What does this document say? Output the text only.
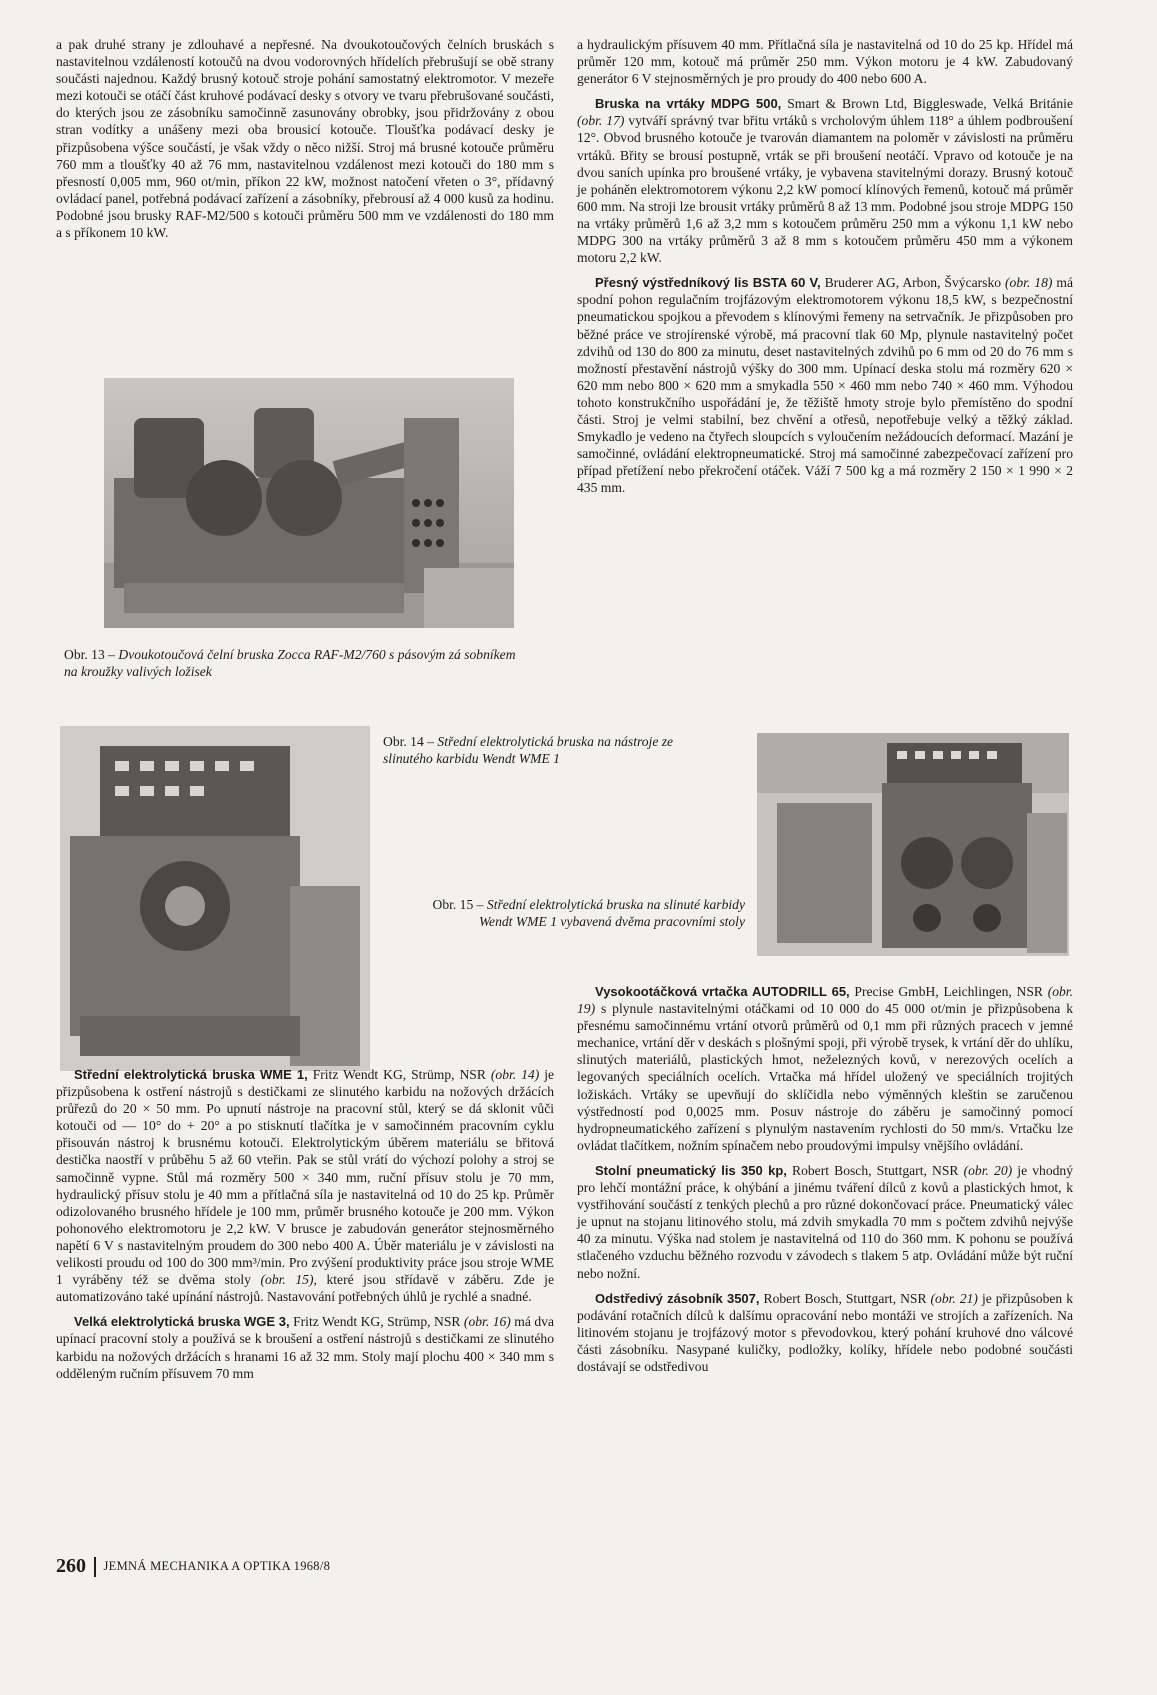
a pak druhé strany je zdlouhavé a nepřesné. Na dvoukotoučových čelních bruskách s nastavitelnou vzdáleností kotoučů na dvou vodorovných hřídelích přebrušují se obě strany součásti najednou. Každý brusný kotouč stroje pohání samostatný elektromotor. V mezeře mezi kotouči se otáčí část kruhové podávací desky s otvory ve tvaru přebrušované součásti, do kterých jsou ze zásobníku samočinně zasunovány obrobky, jsou přidržovány z obou stran vodítky a unášeny mezi oba brousicí kotouče. Tloušťka podávací desky je přizpůsobena výšce součástí, je však vždy o něco nižší. Stroj má brusné kotouče průměru 760 mm a tloušťky 40 až 76 mm, nastavitelnou vzdálenost mezi kotouči do 180 mm s přesností 0,005 mm, 960 ot/min, příkon 22 kW, možnost natočení vřeten o 3°, přídavný ovládací panel, potřebná podávací zařízení a zásobníky, přebrousí až 4 000 kusů za hodinu. Podobné jsou brusky RAF-M2/500 s kotouči průměru 500 mm ve vzdálenosti do 180 mm a s příkonem 10 kW.

Obr. 13 – Dvoukotoučová čelní bruska Zocca RAF-M2/760 s pásovým zá sobníkem na kroužky valivých ložisek

a hydraulickým přísuvem 40 mm. Přítlačná síla je nastavitelná od 10 do 25 kp. Hřídel má průměr 120 mm, kotouč má průměr 250 mm. Výkon motoru je 4 kW. Zabudovaný generátor 6 V stejnosměrných je pro proudy do 400 nebo 600 A.

Bruska na vrtáky MDPG 500, Smart & Brown Ltd, Biggleswade, Velká Británie (obr. 17) vytváří správný tvar břitu vrtáků s vrcholovým úhlem 118° a úhlem podbroušení 12°. Obvod brusného kotouče je tvarován diamantem na poloměr v závislosti na průměru vrtáků. Břity se brousí postupně, vrták se při broušení neotáčí. Vpravo od kotouče je na dvou saních upínka pro broušené vrtáky, je vybavena stavitelnými dorazy. Brusný kotouč je poháněn elektromotorem výkonu 2,2 kW pomocí klínových řemenů, kotouč má průměr 600 mm. Na stroji lze brousit vrtáky průměrů 8 až 13 mm. Podobné jsou stroje MDPG 150 na vrtáky průměrů 1,6 až 3,2 mm s kotoučem průměru 250 mm a výkonu 1,1 kW nebo MDPG 300 na vrtáky průměrů 3 až 8 mm s kotoučem průměru 450 mm a výkonem motoru 2,2 kW.

Přesný výstředníkový lis BSTA 60 V, Bruderer AG, Arbon, Švýcarsko (obr. 18) má spodní pohon regulačním trojfázovým elektromotorem výkonu 18,5 kW, s bezpečnostní pneumatickou spojkou a převodem s klínovými řemeny na setrvačník. Je přizpůsoben pro běžné práce ve strojírenské výrobě, má pracovní tlak 60 Mp, plynule nastavitelný počet zdvihů od 130 do 800 za minutu, deset nastavitelných zdvihů po 6 mm od 20 do 76 mm s možností přestavění nástrojů výšky do 300 mm. Upínací deska stolu má rozměry 620 × 620 mm nebo 800 × 620 mm a smykadla 550 × 460 mm nebo 740 × 460 mm. Výhodou tohoto konstrukčního uspořádání je, že těžiště hmoty stroje bylo přemístěno do spodní části. Stroj je velmi stabilní, bez chvění a otřesů, nepotřebuje velký a těžký základ. Smykadlo je vedeno na čtyřech sloupcích s vyloučením nežádoucích deformací. Mazání je samočinné, ovládání elektropneumatické. Stroj má samočinné zabezpečovací zařízení pro případ přetížení nebo překročení otáček. Váží 7 500 kg a má rozměry 2 150 × 1 990 × 2 435 mm.

Obr. 14 – Střední elektrolytická bruska na nástroje ze slinutého karbidu Wendt WME 1
Obr. 15 – Střední elektrolytická bruska na slinuté karbidy Wendt WME 1 vybavená dvěma pracovními stoly

Střední elektrolytická bruska WME 1, Fritz Wendt KG, Strümp, NSR (obr. 14) je přizpůsobena k ostření nástrojů s destičkami ze slinutého karbidu na nožových držácích průřezů do 20 × 50 mm. Po upnutí nástroje na pracovní stůl, který se dá sklonit vůči kotouči od — 10° do + 20° a po stisknutí tlačítka je v samočinném pracovním cyklu přisouván nástroj k brusnému kotouči. Elektrolytickým úběrem materiálu se břitová destička naostří v průběhu 5 až 60 vteřin. Pak se stůl vrátí do výchozí polohy a stroj se samočinně vypne. Stůl má rozměry 500 × 340 mm, ruční přísuv stolu je 70 mm, hydraulický přísuv stolu je 40 mm a přítlačná síla je nastavitelná od 10 do 25 kp. Průměr odizolovaného brusného hřídele je 100 mm, průměr brusného kotouče je 200 mm. Výkon pohonového elektromotoru je 2,2 kW. V brusce je zabudován generátor stejnosměrného napětí 6 V s nastavitelným proudem do 300 nebo 400 A. Úběr materiálu je v závislosti na velikosti proudu od 100 do 300 mm³/min. Pro zvýšení produktivity práce jsou stroje WME 1 vyráběny též se dvěma stoly (obr. 15), které jsou střídavě v záběru. Zde je automatizováno také upínání nástrojů. Nastavování potřebných úhlů je rychlé a snadné.

Velká elektrolytická bruska WGE 3, Fritz Wendt KG, Strümp, NSR (obr. 16) má dva upínací pracovní stoly a používá se k broušení a ostření nástrojů s destičkami ze slinutého karbidu na nožových držácích s hranami 16 až 32 mm. Stoly mají plochu 400 × 340 mm s odděleným ručním přísuvem 70 mm

Vysokootáčková vrtačka AUTODRILL 65, Precise GmbH, Leichlingen, NSR (obr. 19) s plynule nastavitelnými otáčkami od 10 000 do 45 000 ot/min je přizpůsobena k přesnému samočinnému vrtání otvorů průměrů od 0,1 mm při různých pracech v jemné mechanice, vrtání děr v deskách s plošnými spoji, při výrobě trysek, k vrtání děr do uhlíku, slinutých materiálů, plastických hmot, neželezných kovů, v nerezových ocelích a legovaných speciálních ocelích. Vrtačka má hřídel uložený ve speciálních trojitých ložiskách. Vrtáky se upevňují do sklíčidla nebo výměnných kleštin se zaručenou výstředností pod 0,0025 mm. Posuv nástroje do záběru je samočinný pomocí hydropneumatického zařízení s plynulým nastavením rychlosti do 50 mm/s. Vrtačku lze ovládat tlačítkem, nožním spínačem nebo proudovými impulsy vnějšího ovládání.

Stolní pneumatický lis 350 kp, Robert Bosch, Stuttgart, NSR (obr. 20) je vhodný pro lehčí montážní práce, k ohýbání a jinému tváření dílců z kovů a plastických hmot, k vystřihování součástí z tenkých plechů a pro různé dokončovací práce. Pneumatický válec je upnut na stojanu litinového stolu, má zdvih smykadla 70 mm s počtem zdvihů nejvýše 40 za minutu. Výška nad stolem je nastavitelná od 110 do 360 mm. K pohonu se používá stlačeného vzduchu běžného rozvodu v závodech s tlakem 5 atp. Ovládání může být ruční nebo nožní.

Odstředivý zásobník 3507, Robert Bosch, Stuttgart, NSR (obr. 21) je přizpůsoben k podávání rotačních dílců k dalšímu opracování nebo montáži ve strojích a zařízeních. Na litinovém stojanu je trojfázový motor s převodovkou, který pohání kruhové dno válcové části zásobníku. Nasypané kuličky, podložky, kolíky, hřídele nebo podobné součásti dostávají se odstředivou

260 JEMNÁ MECHANIKA A OPTIKA 1968/8
